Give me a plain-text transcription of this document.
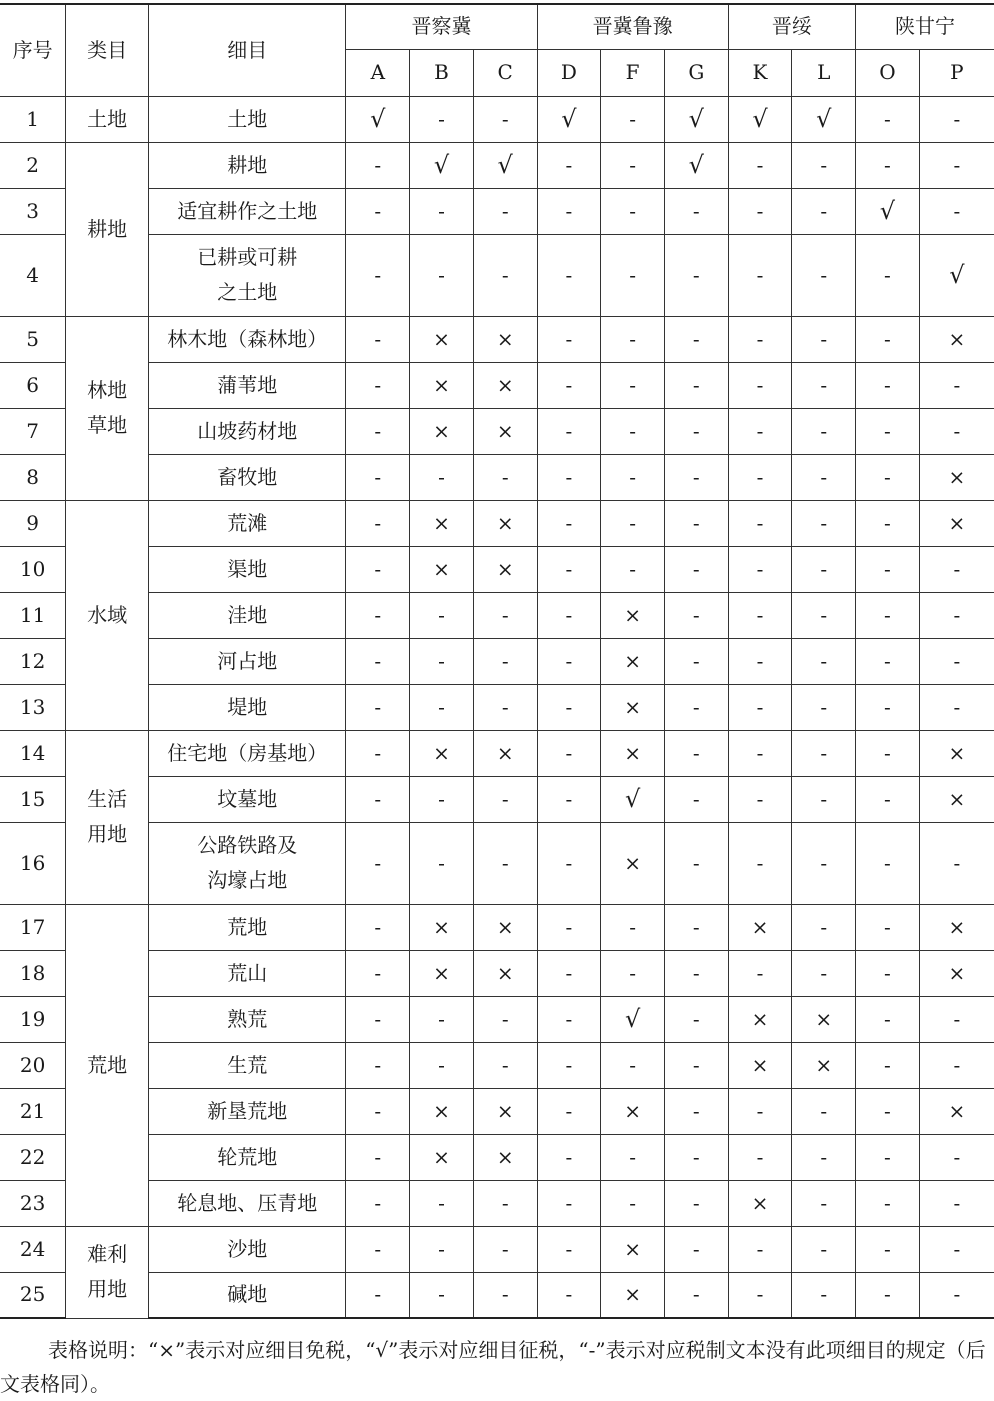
序号	类目	细目	晋察冀			晋冀鲁豫			晋绥		陕甘宁	
			A	B	C	D	F	G	K	L	O	P
1	土地	土地	√	-	-	√	-	√	√	√	-	-
2	耕地	耕地	-	√	√	-	-	√	-	-	-	-
3		适宜耕作之土地	-	-	-	-	-	-	-	-	√	-
4		已耕或可耕之土地	-	-	-	-	-	-	-	-	-	√
5	林地草地	林木地（森林地）	-	×	×	-	-	-	-	-	-	×
6		蒲苇地	-	×	×	-	-	-	-	-	-	-
7		山坡药材地	-	×	×	-	-	-	-	-	-	-
8		畜牧地	-	-	-	-	-	-	-	-	-	×
9	水域	荒滩	-	×	×	-	-	-	-	-	-	×
10		渠地	-	×	×	-	-	-	-	-	-	-
11		洼地	-	-	-	-	×	-	-	-	-	-
12		河占地	-	-	-	-	×	-	-	-	-	-
13		堤地	-	-	-	-	×	-	-	-	-	-
14	生活用地	住宅地（房基地）	-	×	×	-	×	-	-	-	-	×
15		坟墓地	-	-	-	-	√	-	-	-	-	×
16		公路铁路及沟壕占地	-	-	-	-	×	-	-	-	-	-
17	荒地	荒地	-	×	×	-	-	-	×	-	-	×
18		荒山	-	×	×	-	-	-	-	-	-	×
19		熟荒	-	-	-	-	√	-	×	×	-	-
20		生荒	-	-	-	-	-	-	×	×	-	-
21		新垦荒地	-	×	×	-	×	-	-	-	-	×
22		轮荒地	-	×	×	-	-	-	-	-	-	-
23		轮息地、压青地	-	-	-	-	-	-	×	-	-	-
24	难利用地	沙地	-	-	-	-	×	-	-	-	-	-
25		碱地	-	-	-	-	×	-	-	-	-	-

表格说明：“×”表示对应细目免税，“√”表示对应细目征税，“-”表示对应税制文本没有此项细目的规定（后文表格同）。
